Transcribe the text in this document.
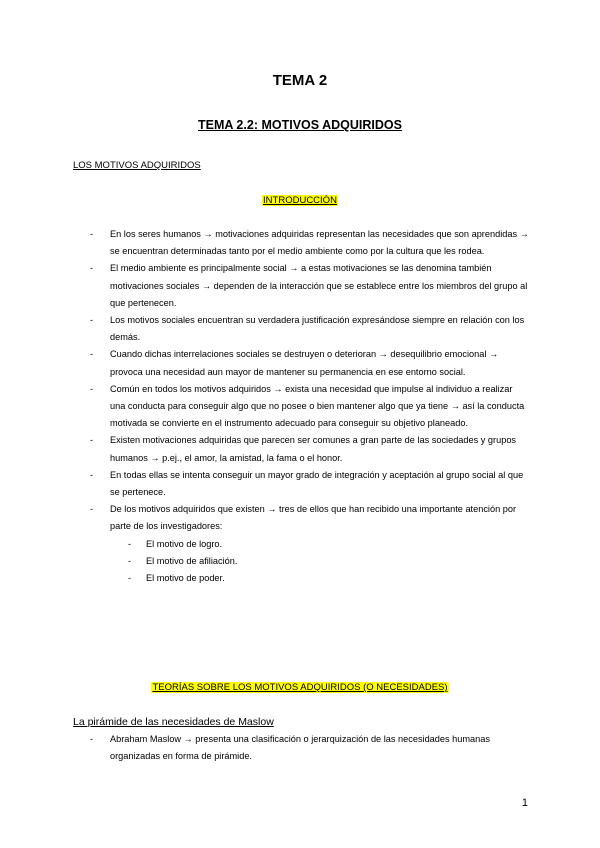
TEMA 2
TEMA 2.2: MOTIVOS ADQUIRIDOS
LOS MOTIVOS ADQUIRIDOS
INTRODUCCIÓN
- En los seres humanos → motivaciones adquiridas representan las necesidades que son aprendidas → se encuentran determinadas tanto por el medio ambiente como por la cultura que les rodea.
- El medio ambiente es principalmente social → a estas motivaciones se las denomina también motivaciones sociales → dependen de la interacción que se establece entre los miembros del grupo al que pertenecen.
- Los motivos sociales encuentran su verdadera justificación expresándose siempre en relación con los demás.
- Cuando dichas interrelaciones sociales se destruyen o deterioran → desequilibrio emocional → provoca una necesidad aun mayor de mantener su permanencia en ese entorno social.
- Común en todos los motivos adquiridos → exista una necesidad que impulse al individuo a realizar una conducta para conseguir algo que no posee o bien mantener algo que ya tiene → así la conducta motivada se convierte en el instrumento adecuado para conseguir su objetivo planeado.
- Existen motivaciones adquiridas que parecen ser comunes a gran parte de las sociedades y grupos humanos → p.ej., el amor, la amistad, la fama o el honor.
- En todas ellas se intenta conseguir un mayor grado de integración y aceptación al grupo social al que se pertenece.
- De los motivos adquiridos que existen → tres de ellos que han recibido una importante atención por parte de los investigadores:
- El motivo de logro.
- El motivo de afiliación.
- El motivo de poder.
TEORÍAS SOBRE LOS MOTIVOS ADQUIRIDOS (O NECESIDADES)
La pirámide de las necesidades de Maslow
- Abraham Maslow → presenta una clasificación o jerarquización de las necesidades humanas organizadas en forma de pirámide.
1
